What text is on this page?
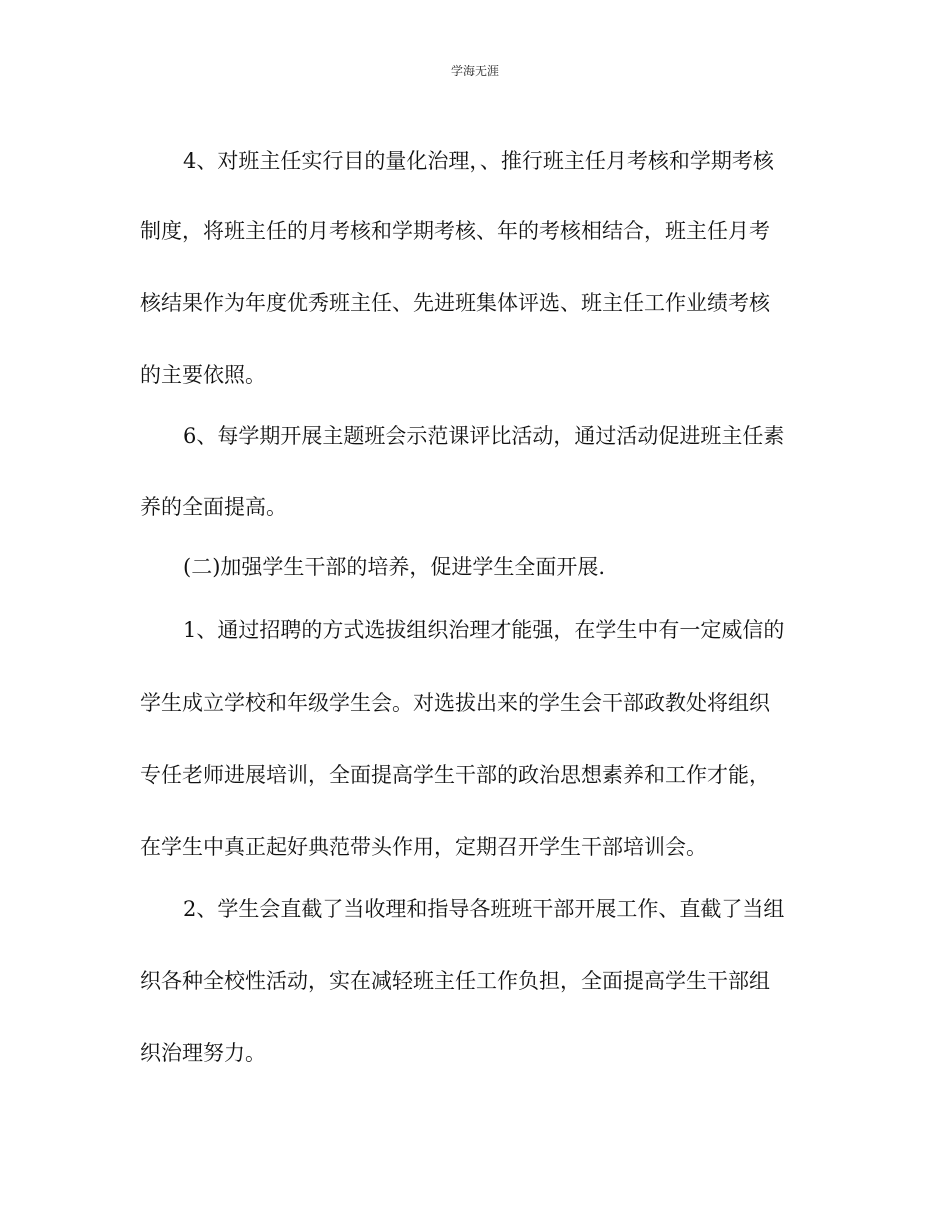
学海无涯
4、对班主任实行目的量化治理，、推行班主任月考核和学期考核
制度，将班主任的月考核和学期考核、年的考核相结合，班主任月考
核结果作为年度优秀班主任、先进班集体评选、班主任工作业绩考核
的主要依照。
6、每学期开展主题班会示范课评比活动，通过活动促进班主任素
养的全面提高。
(二)加强学生干部的培养，促进学生全面开展.
1、通过招聘的方式选拔组织治理才能强，在学生中有一定威信的
学生成立学校和年级学生会。对选拔出来的学生会干部政教处将组织
专任老师进展培训，全面提高学生干部的政治思想素养和工作才能，
在学生中真正起好典范带头作用，定期召开学生干部培训会。
2、学生会直截了当收理和指导各班班干部开展工作、直截了当组
织各种全校性活动，实在减轻班主任工作负担，全面提高学生干部组
织治理努力。
